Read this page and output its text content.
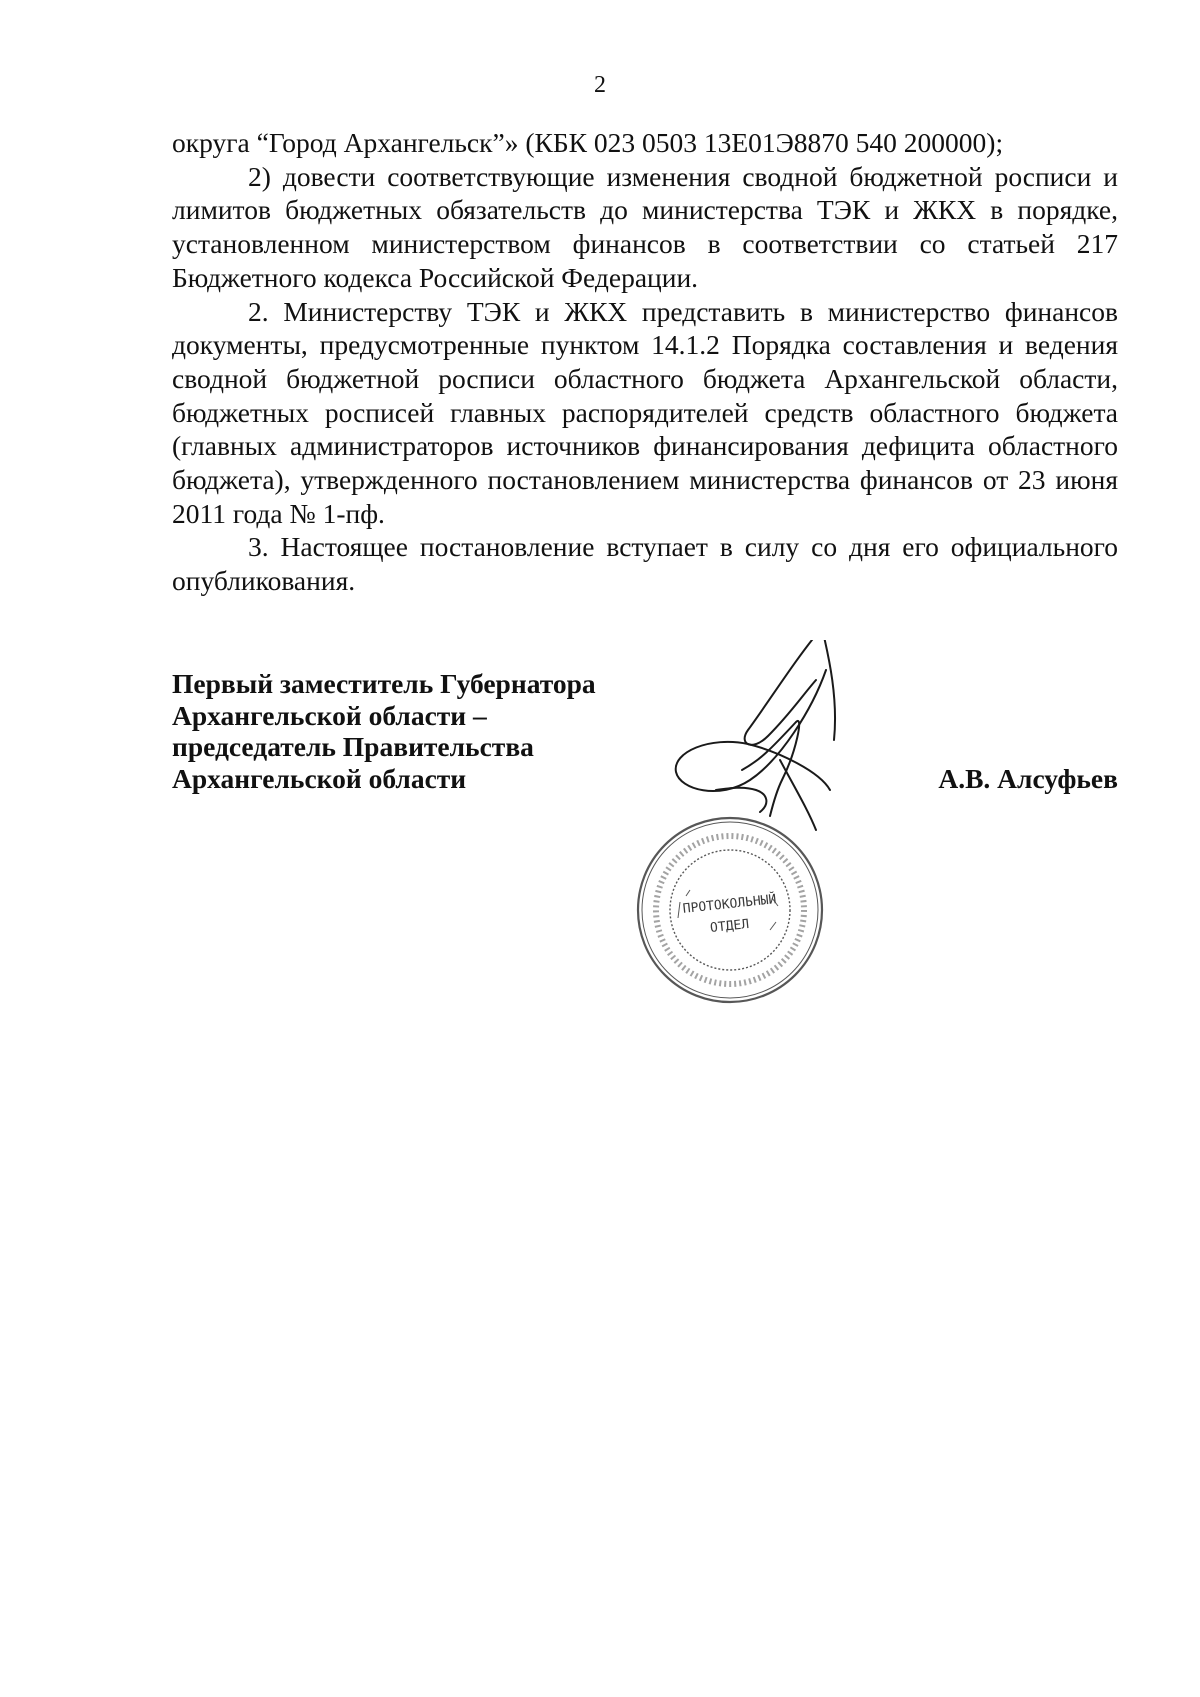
2

округа “Город Архангельск”» (КБК 023 0503 13Е01Э8870 540 200000);

2) довести соответствующие изменения сводной бюджетной росписи и лимитов бюджетных обязательств до министерства ТЭК и ЖКХ в порядке, установленном министерством финансов в соответствии со статьей 217 Бюджетного кодекса Российской Федерации.

2. Министерству ТЭК и ЖКХ представить в министерство финансов документы, предусмотренные пунктом 14.1.2 Порядка составления и ведения сводной бюджетной росписи областного бюджета Архангельской области, бюджетных росписей главных распорядителей средств областного бюджета (главных администраторов источников финансирования дефицита областного бюджета), утвержденного постановлением министерства финансов от 23 июня 2011 года № 1-пф.

3. Настоящее постановление вступает в силу со дня его официального опубликования.

Первый заместитель Губернатора
Архангельской области –
председатель Правительства
Архангельской области	А.В. Алсуфьев
ПРОТОКОЛЬНЫЙ
ОТДЕЛ
